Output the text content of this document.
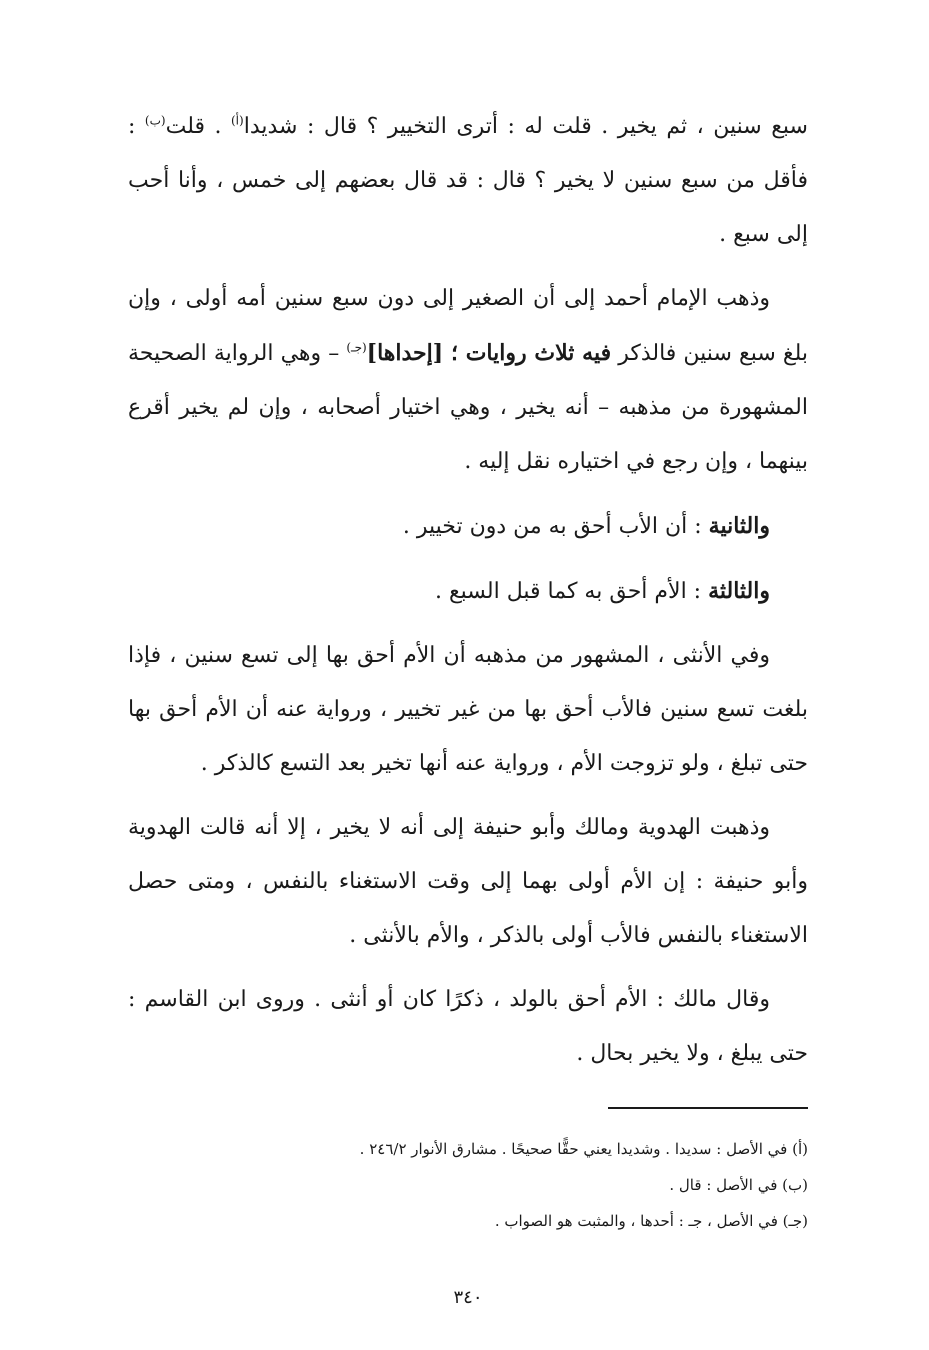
سبع سنين ، ثم يخير . قلت له : أترى التخيير ؟ قال : شديدا$^{(أ)}$ . قلت$^{(ب)}$ : فأقل من سبع سنين لا يخير ؟ قال : قد قال بعضهم إلى خمس ، وأنا أحب إلى سبع .

وذهب الإمام أحمد إلى أن الصغير إلى دون سبع سنين أمه أولى ، وإن بلغ سبع سنين فالذكر فيه ثلاث روايات ؛ [إحداها]$^{(جـ)}$ – وهي الرواية الصحيحة المشهورة من مذهبه – أنه يخير ، وهي اختيار أصحابه ، وإن لم يخير أقرع بينهما ، وإن رجع في اختياره نقل إليه .

والثانية : أن الأب أحق به من دون تخيير .

والثالثة : الأم أحق به كما قبل السبع .

وفي الأنثى ، المشهور من مذهبه أن الأم أحق بها إلى تسع سنين ، فإذا بلغت تسع سنين فالأب أحق بها من غير تخيير ، ورواية عنه أن الأم أحق بها حتى تبلغ ، ولو تزوجت الأم ، ورواية عنه أنها تخير بعد التسع كالذكر .

وذهبت الهدوية ومالك وأبو حنيفة إلى أنه لا يخير ، إلا أنه قالت الهدوية وأبو حنيفة : إن الأم أولى بهما إلى وقت الاستغناء بالنفس ، ومتى حصل الاستغناء بالنفس فالأب أولى بالذكر ، والأم بالأنثى .

وقال مالك : الأم أحق بالولد ، ذكرًا كان أو أنثى . وروى ابن القاسم : حتى يبلغ ، ولا يخير بحال .

(أ) في الأصل : سديدا . وشديدا يعني حقًّا صحيحًا . مشارق الأنوار ٢٤٦/٢ .

(ب) في الأصل : قال .

(جـ) في الأصل ، جـ : أحدها ، والمثبت هو الصواب .

٣٤٠
